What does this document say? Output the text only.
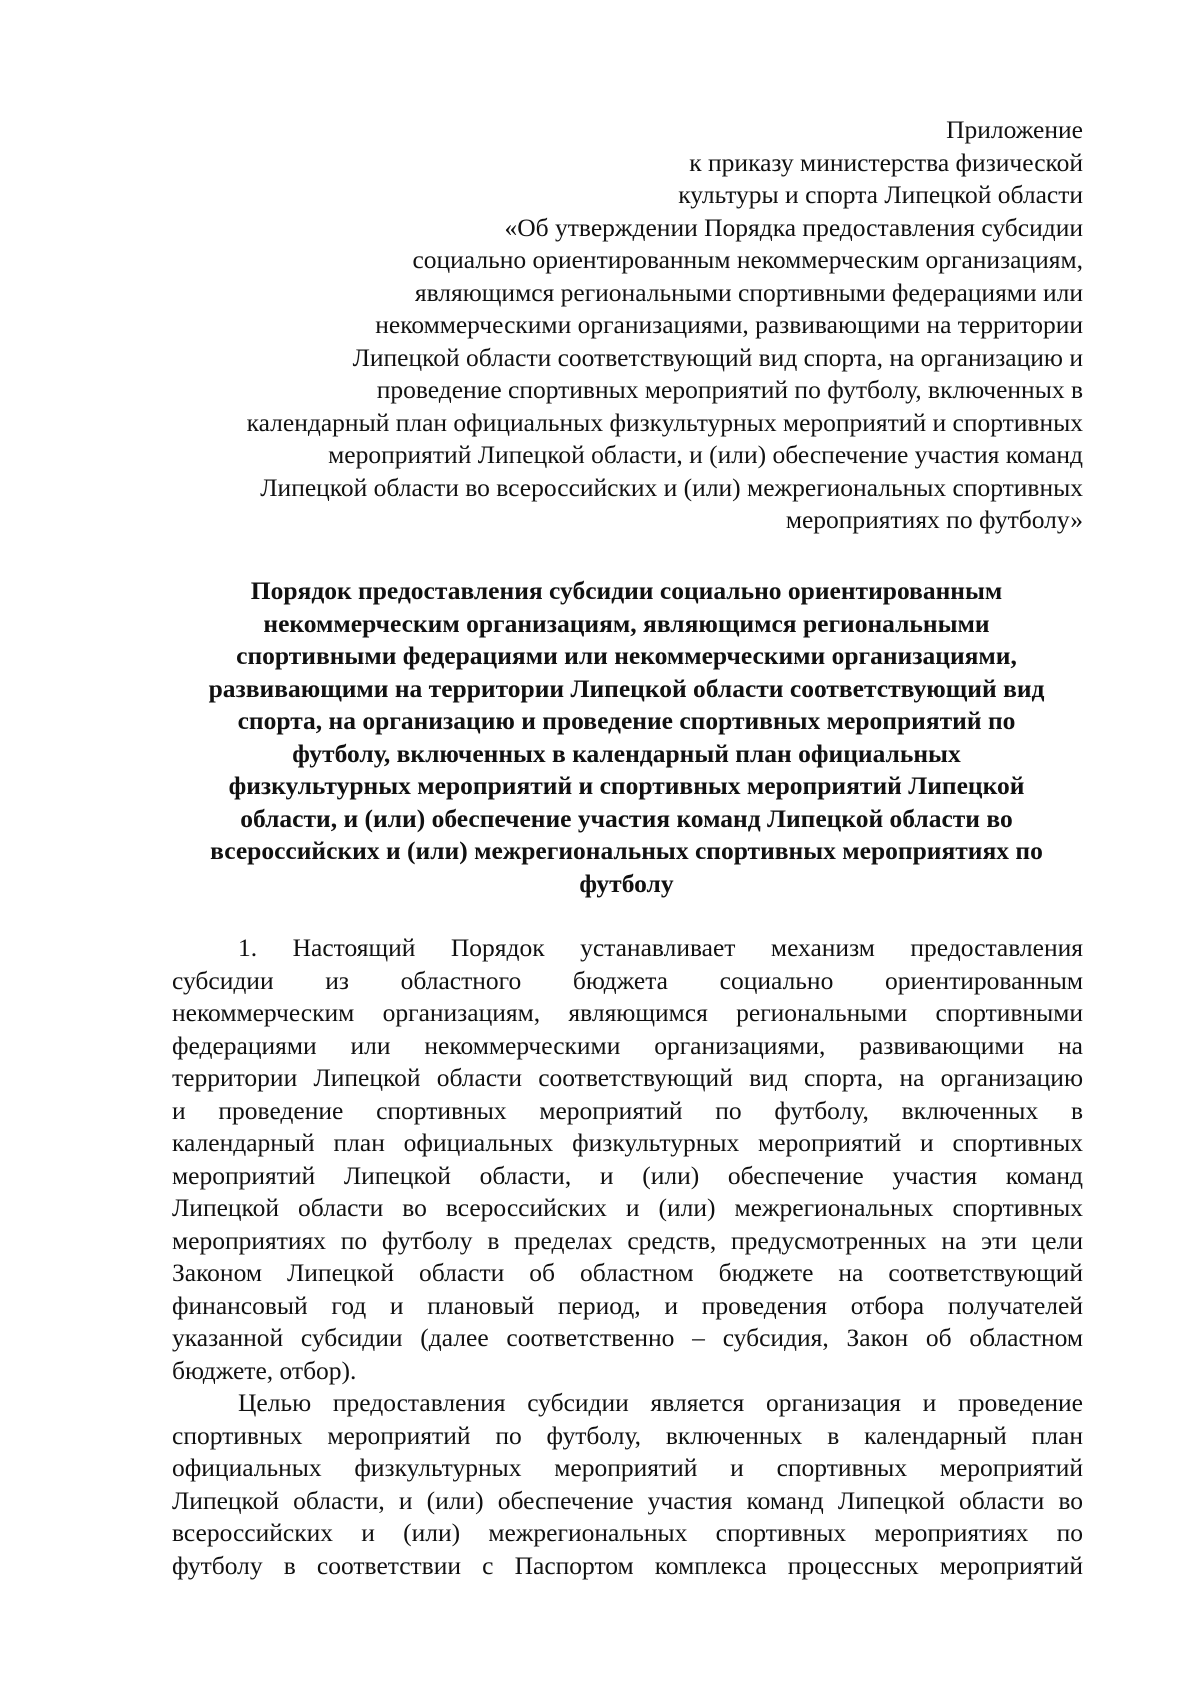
Приложение
к приказу министерства физической
культуры и спорта Липецкой области
«Об утверждении Порядка предоставления субсидии
социально ориентированным некоммерческим организациям,
являющимся региональными спортивными федерациями или
некоммерческими организациями, развивающими на территории
Липецкой области соответствующий вид спорта, на организацию и
проведение спортивных мероприятий по футболу, включенных в
календарный план официальных физкультурных мероприятий и спортивных
мероприятий Липецкой области, и (или) обеспечение участия команд
Липецкой области во всероссийских и (или) межрегиональных спортивных
мероприятиях по футболу»
Порядок предоставления субсидии социально ориентированным
некоммерческим организациям, являющимся региональными
спортивными федерациями или некоммерческими организациями,
развивающими на территории Липецкой области соответствующий вид
спорта, на организацию и проведение спортивных мероприятий по
футболу, включенных в календарный план официальных
физкультурных мероприятий и спортивных мероприятий Липецкой
области, и (или) обеспечение участия команд Липецкой области во
всероссийских и (или) межрегиональных спортивных мероприятиях по
футболу
1. Настоящий Порядок устанавливает механизм предоставления
субсидии из областного бюджета социально ориентированным
некоммерческим организациям, являющимся региональными спортивными
федерациями или некоммерческими организациями, развивающими на
территории Липецкой области соответствующий вид спорта, на организацию
и проведение спортивных мероприятий по футболу, включенных в
календарный план официальных физкультурных мероприятий и спортивных
мероприятий Липецкой области, и (или) обеспечение участия команд
Липецкой области во всероссийских и (или) межрегиональных спортивных
мероприятиях по футболу в пределах средств, предусмотренных на эти цели
Законом Липецкой области об областном бюджете на соответствующий
финансовый год и плановый период, и проведения отбора получателей
указанной субсидии (далее соответственно – субсидия, Закон об областном
бюджете, отбор).
Целью предоставления субсидии является организация и проведение
спортивных мероприятий по футболу, включенных в календарный план
официальных физкультурных мероприятий и спортивных мероприятий
Липецкой области, и (или) обеспечение участия команд Липецкой области во
всероссийских и (или) межрегиональных спортивных мероприятиях по
футболу в соответствии с Паспортом комплекса процессных мероприятий
